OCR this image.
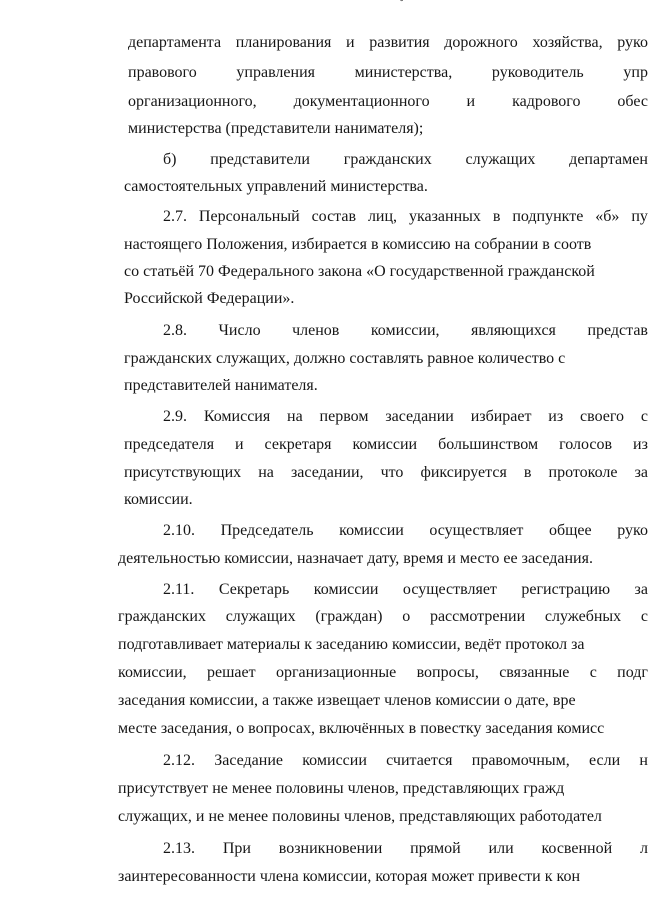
˘
департамента планирования и развития дорожного хозяйства, руко
правового управления министерства, руководитель упр
организационного, документационного и кадрового обес
министерства (представители нанимателя);
б) представители гражданских служащих департамен
самостоятельных управлений министерства.
2.7. Персональный состав лиц, указанных в подпункте «б» пу
настоящего Положения, избирается в комиссию на собрании в соотв
со статьёй 70 Федерального закона «О государственной гражданской
Российской Федерации».
2.8. Число членов комиссии, являющихся представ
гражданских служащих, должно составлять равное количество с
представителей нанимателя.
2.9. Комиссия на первом заседании избирает из своего с
председателя и секретаря комиссии большинством голосов из
присутствующих на заседании, что фиксируется в протоколе за
комиссии.
2.10. Председатель комиссии осуществляет общее руко
деятельностью комиссии, назначает дату, время и место ее заседания.
2.11. Секретарь комиссии осуществляет регистрацию за
гражданских служащих (граждан) о рассмотрении служебных с
подготавливает материалы к заседанию комиссии, ведёт протокол за
комиссии, решает организационные вопросы, связанные с подг
заседания комиссии, а также извещает членов комиссии о дате, вре
месте заседания, о вопросах, включённых в повестку заседания комисс
2.12. Заседание комиссии считается правомочным, если н
присутствует не менее половины членов, представляющих гражд
служащих, и не менее половины членов, представляющих работодател
2.13. При возникновении прямой или косвенной л
заинтересованности члена комиссии, которая может привести к кон
